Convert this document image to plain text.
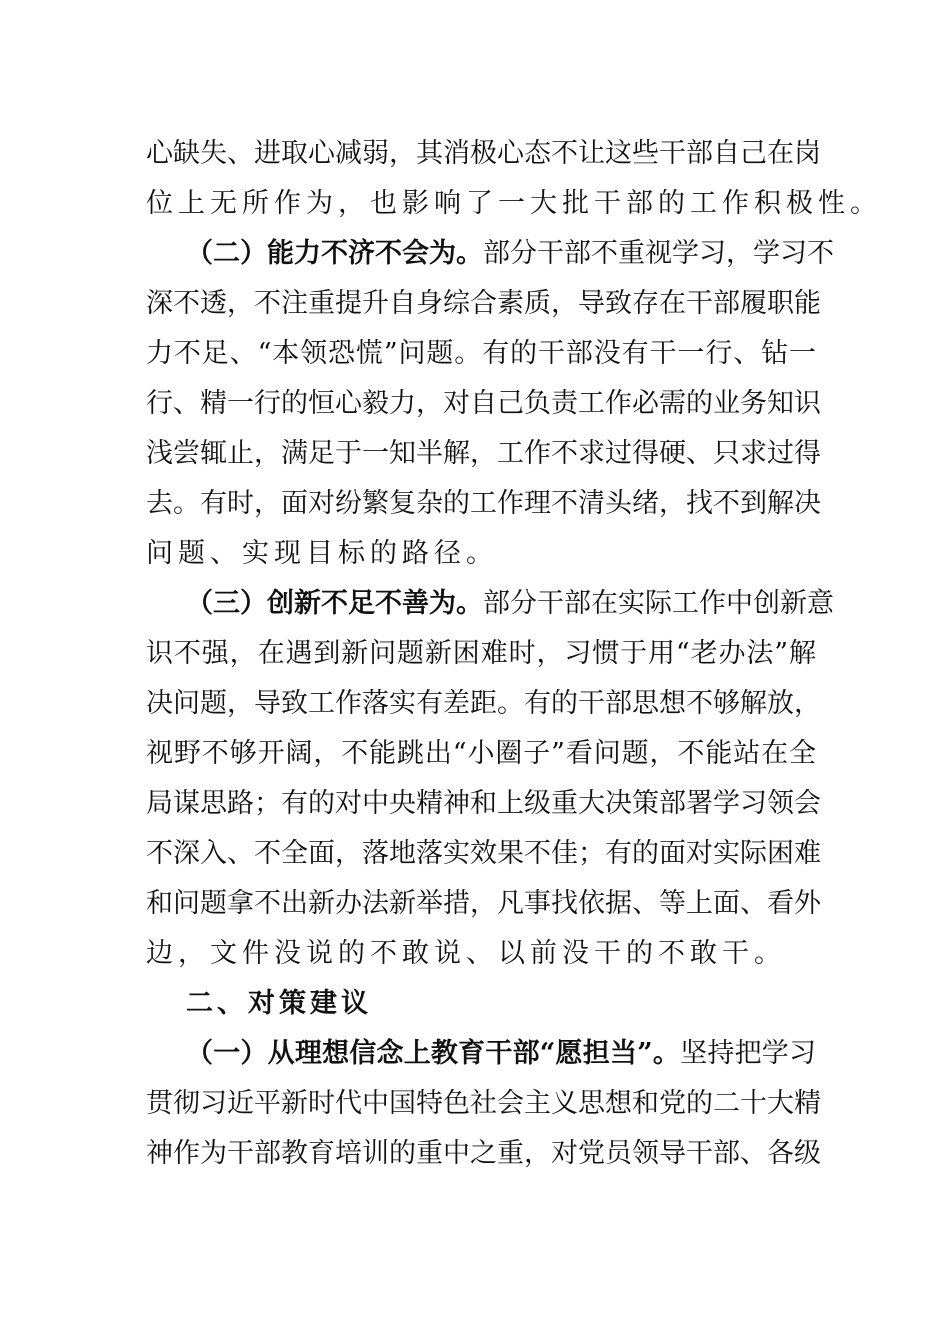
心缺失、进取心减弱，其消极心态不让这些干部自己在岗
位上无所作为，也影响了一大批干部的工作积极性。
（二）能力不济不会为。部分干部不重视学习，学习不
深不透，不注重提升自身综合素质，导致存在干部履职能
力不足、“本领恐慌”问题。有的干部没有干一行、钻一
行、精一行的恒心毅力，对自己负责工作必需的业务知识
浅尝辄止，满足于一知半解，工作不求过得硬、只求过得
去。有时，面对纷繁复杂的工作理不清头绪，找不到解决
问题、实现目标的路径。
（三）创新不足不善为。部分干部在实际工作中创新意
识不强，在遇到新问题新困难时，习惯于用“老办法”解
决问题，导致工作落实有差距。有的干部思想不够解放，
视野不够开阔，不能跳出“小圈子”看问题，不能站在全
局谋思路；有的对中央精神和上级重大决策部署学习领会
不深入、不全面，落地落实效果不佳；有的面对实际困难
和问题拿不出新办法新举措，凡事找依据、等上面、看外
边，文件没说的不敢说、以前没干的不敢干。
二、对策建议
（一）从理想信念上教育干部“愿担当”。坚持把学习
贯彻习近平新时代中国特色社会主义思想和党的二十大精
神作为干部教育培训的重中之重，对党员领导干部、各级
